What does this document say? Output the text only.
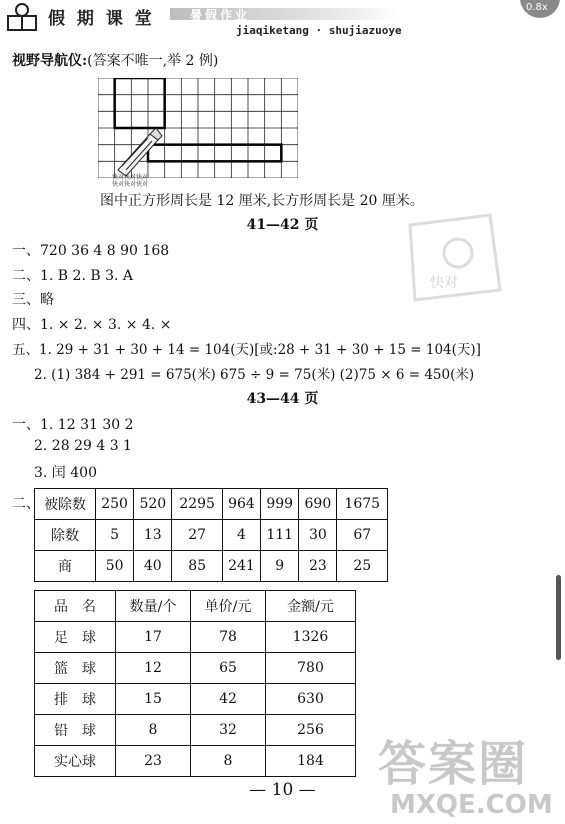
假 期 课 堂	暑假作业
jiaqiketang · shujiazuoye
0.8x
视野导航仪:(答案不唯一,举 2 例)
快对快对快对
快对快对快对
图中正方形周长是 12 厘米,长方形周长是 20 厘米。
41—42 页
一、720 36 4 8 90 168
二、1. B 2. B 3. A
三、略
四、1. × 2. × 3. × 4. ×
五、1. 29 + 31 + 30 + 14 = 104(天)[或:28 + 31 + 30 + 15 = 104(天)]
2. (1) 384 + 291 = 675(米) 675 ÷ 9 = 75(米) (2)75 × 6 = 450(米)
43—44 页
一、1. 12 31 30 2
2. 28 29 4 3 1
3. 闰 400
二、 被除数	250	520	2295	964	999	690	1675
除数	5	13	27	4	111	30	67
商	50	40	85	241	9	23	25
品　名	数量/个	单价/元	金额/元
足　球	17	78	1326
篮　球	12	65	780
排　球	15	42	630
铅　球	8	32	256
实心球	23	8	184
快对
答案圈
MXQE.COM
— 10 —
